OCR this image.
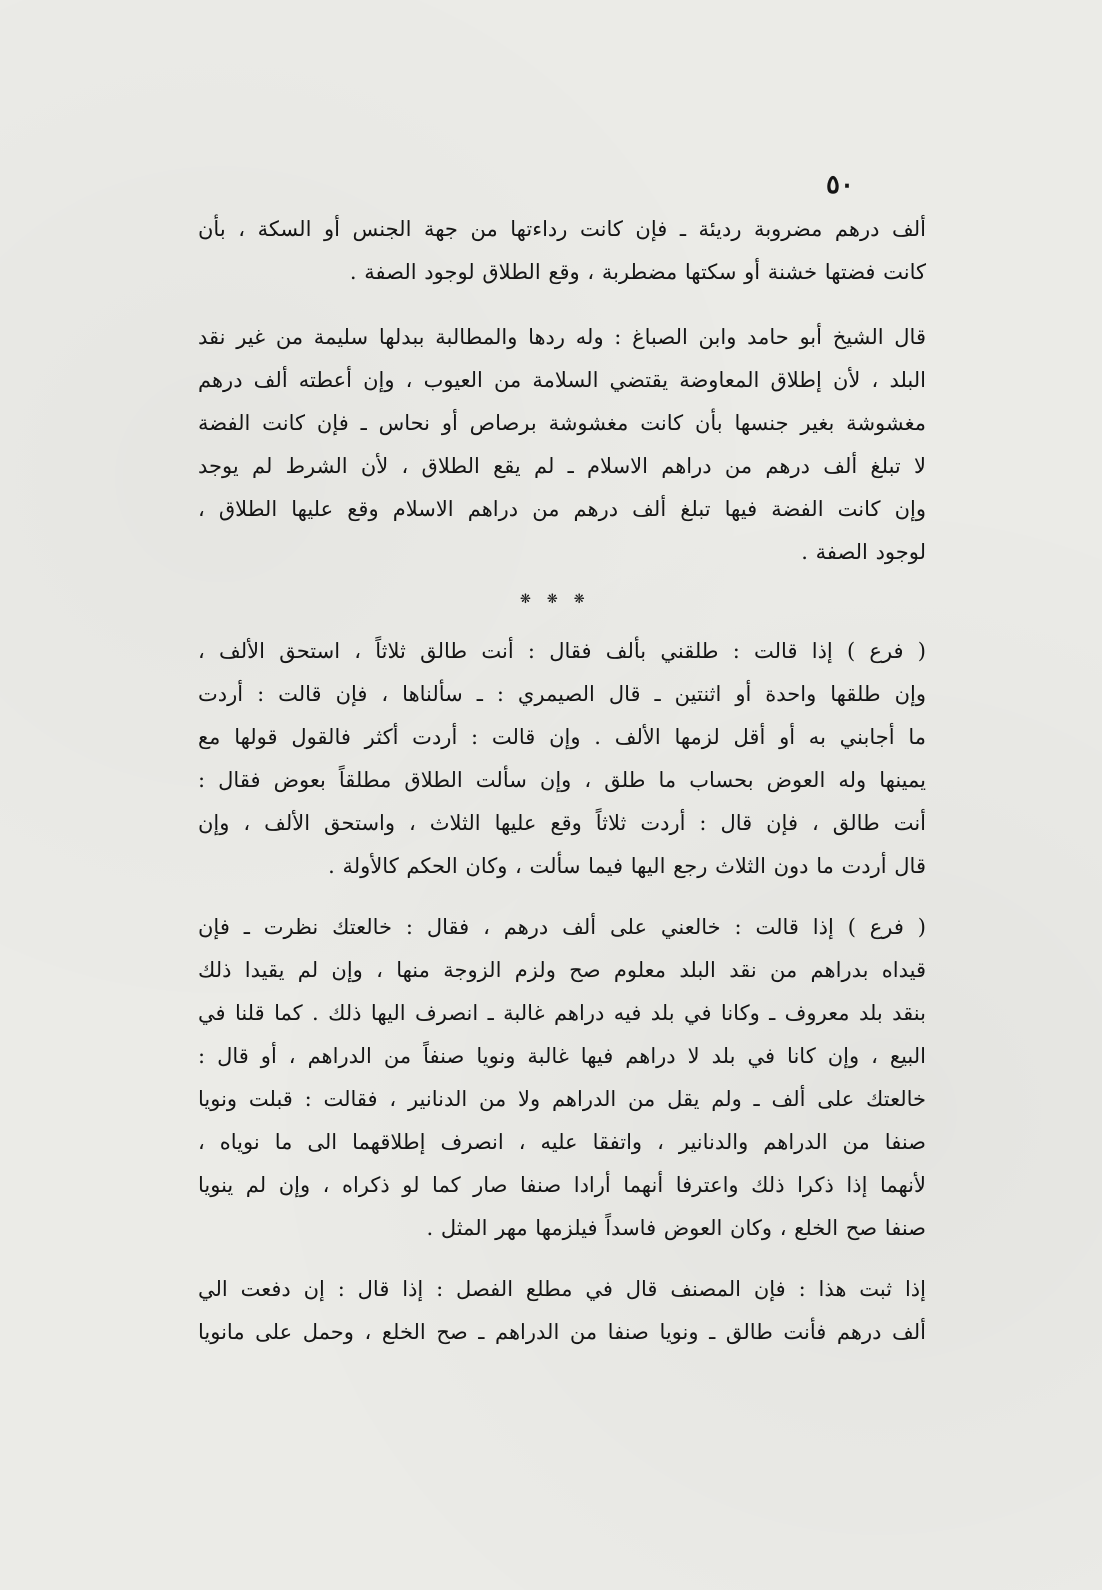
٥٠
ألف درهم مضروبة رديئة ـ فإن كانت رداءتها من جهة الجنس أو السكة ، بأن
كانت فضتها خشنة أو سكتها مضطربة ، وقع الطلاق لوجود الصفة .
قال الشيخ أبو حامد وابن الصباغ : وله ردها والمطالبة ببدلها سليمة من غير نقد
البلد ، لأن إطلاق المعاوضة يقتضي السلامة من العيوب ، وإن أعطته ألف درهم
مغشوشة بغير جنسها بأن كانت مغشوشة برصاص أو نحاس ـ فإن كانت الفضة
لا تبلغ ألف درهم من دراهم الاسلام ـ لم يقع الطلاق ، لأن الشرط لم يوجد
وإن كانت الفضة فيها تبلغ ألف درهم من دراهم الاسلام وقع عليها الطلاق ،
لوجود الصفة .
❋❋❋
( فرع ) إذا قالت : طلقني بألف فقال : أنت طالق ثلاثاً ، استحق الألف ،
وإن طلقها واحدة أو اثنتين ـ قال الصيمري : ـ سألناها ، فإن قالت : أردت
ما أجابني به أو أقل لزمها الألف . وإن قالت : أردت أكثر فالقول قولها مع
يمينها وله العوض بحساب ما طلق ، وإن سألت الطلاق مطلقاً بعوض فقال :
أنت طالق ، فإن قال : أردت ثلاثاً وقع عليها الثلاث ، واستحق الألف ، وإن
قال أردت ما دون الثلاث رجع اليها فيما سألت ، وكان الحكم كالأولة .
( فرع ) إذا قالت : خالعني على ألف درهم ، فقال : خالعتك نظرت ـ فإن
قيداه بدراهم من نقد البلد معلوم صح ولزم الزوجة منها ، وإن لم يقيدا ذلك
بنقد بلد معروف ـ وكانا في بلد فيه دراهم غالبة ـ انصرف اليها ذلك . كما قلنا في
البيع ، وإن كانا في بلد لا دراهم فيها غالبة ونويا صنفاً من الدراهم ، أو قال :
خالعتك على ألف ـ ولم يقل من الدراهم ولا من الدنانير ، فقالت : قبلت ونويا
صنفا من الدراهم والدنانير ، واتفقا عليه ، انصرف إطلاقهما الى ما نوياه ،
لأنهما إذا ذكرا ذلك واعترفا أنهما أرادا صنفا صار كما لو ذكراه ، وإن لم ينويا
صنفا صح الخلع ، وكان العوض فاسداً فيلزمها مهر المثل .
إذا ثبت هذا : فإن المصنف قال في مطلع الفصل : إذا قال : إن دفعت الي
ألف درهم فأنت طالق ـ ونويا صنفا من الدراهم ـ صح الخلع ، وحمل على مانويا
